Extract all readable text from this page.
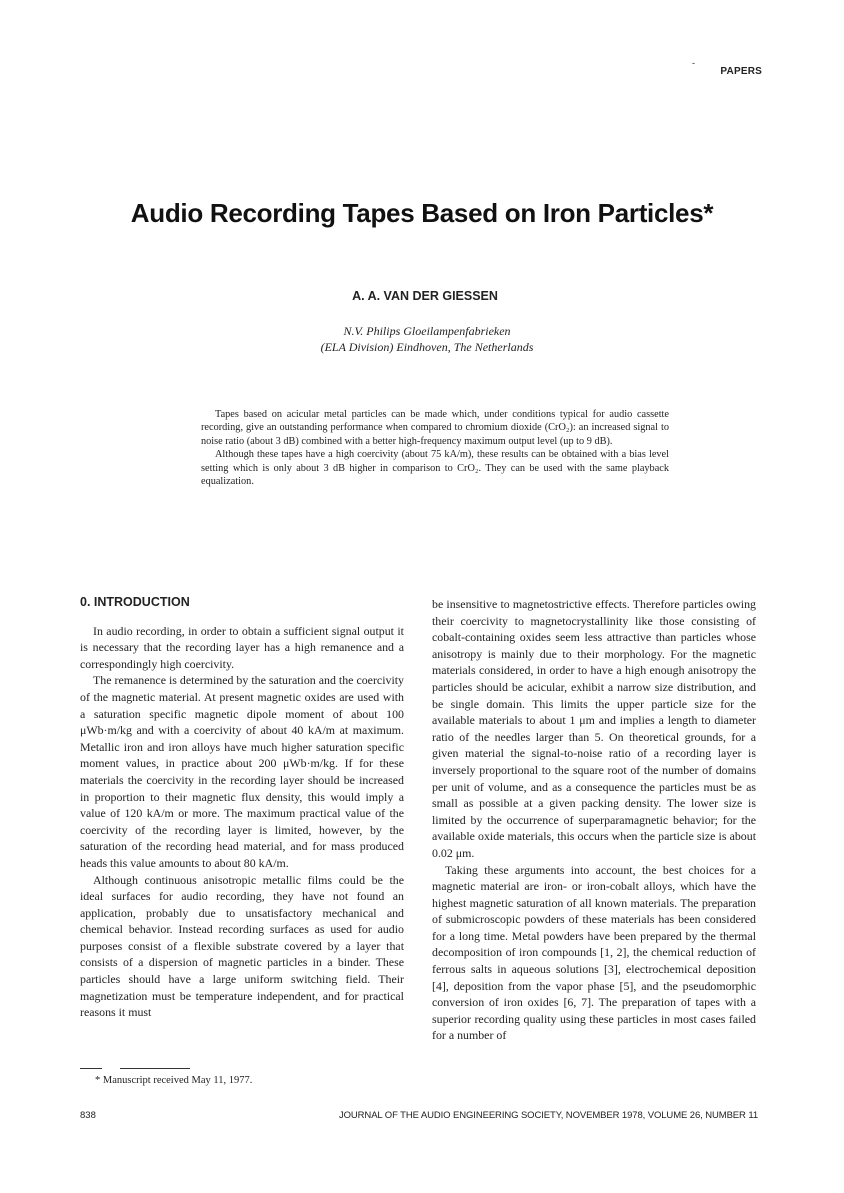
-
PAPERS
Audio Recording Tapes Based on Iron Particles*
A. A. VAN DER GIESSEN
N.V. Philips Gloeilampenfabrieken
(ELA Division) Eindhoven, The Netherlands

Tapes based on acicular metal particles can be made which, under conditions typical for audio cassette recording, give an outstanding performance when compared to chromium dioxide (CrO₂): an increased signal to noise ratio (about 3 dB) combined with a better high-frequency maximum output level (up to 9 dB).

Although these tapes have a high coercivity (about 75 kA/m), these results can be obtained with a bias level setting which is only about 3 dB higher in comparison to CrO₂. They can be used with the same playback equalization.

0. INTRODUCTION

In audio recording, in order to obtain a sufficient signal output it is necessary that the recording layer has a high remanence and a correspondingly high coercivity.

The remanence is determined by the saturation and the coercivity of the magnetic material. At present magnetic oxides are used with a saturation specific magnetic dipole moment of about 100 μWb·m/kg and with a coercivity of about 40 kA/m at maximum. Metallic iron and iron alloys have much higher saturation specific moment values, in practice about 200 μWb·m/kg. If for these materials the coercivity in the recording layer should be increased in proportion to their magnetic flux density, this would imply a value of 120 kA/m or more. The maximum practical value of the coercivity of the recording layer is limited, however, by the saturation of the recording head material, and for mass produced heads this value amounts to about 80 kA/m.

Although continuous anisotropic metallic films could be the ideal surfaces for audio recording, they have not found an application, probably due to unsatisfactory mechanical and chemical behavior. Instead recording surfaces as used for audio purposes consist of a flexible substrate covered by a layer that consists of a dispersion of magnetic particles in a binder. These particles should have a large uniform switching field. Their magnetization must be temperature independent, and for practical reasons it must

be insensitive to magnetostrictive effects. Therefore particles owing their coercivity to magnetocrystallinity like those consisting of cobalt-containing oxides seem less attractive than particles whose anisotropy is mainly due to their morphology. For the magnetic materials considered, in order to have a high enough anisotropy the particles should be acicular, exhibit a narrow size distribution, and be single domain. This limits the upper particle size for the available materials to about 1 μm and implies a length to diameter ratio of the needles larger than 5. On theoretical grounds, for a given material the signal-to-noise ratio of a recording layer is inversely proportional to the square root of the number of domains per unit of volume, and as a consequence the particles must be as small as possible at a given packing density. The lower size is limited by the occurrence of superparamagnetic behavior; for the available oxide materials, this occurs when the particle size is about 0.02 μm.

Taking these arguments into account, the best choices for a magnetic material are iron- or iron-cobalt alloys, which have the highest magnetic saturation of all known materials. The preparation of submicroscopic powders of these materials has been considered for a long time. Metal powders have been prepared by the thermal decomposition of iron compounds [1, 2], the chemical reduction of ferrous salts in aqueous solutions [3], electrochemical deposition [4], deposition from the vapor phase [5], and the pseudomorphic conversion of iron oxides [6, 7]. The preparation of tapes with a superior recording quality using these particles in most cases failed for a number of

* Manuscript received May 11, 1977.
838	JOURNAL OF THE AUDIO ENGINEERING SOCIETY, NOVEMBER 1978, VOLUME 26, NUMBER 11
